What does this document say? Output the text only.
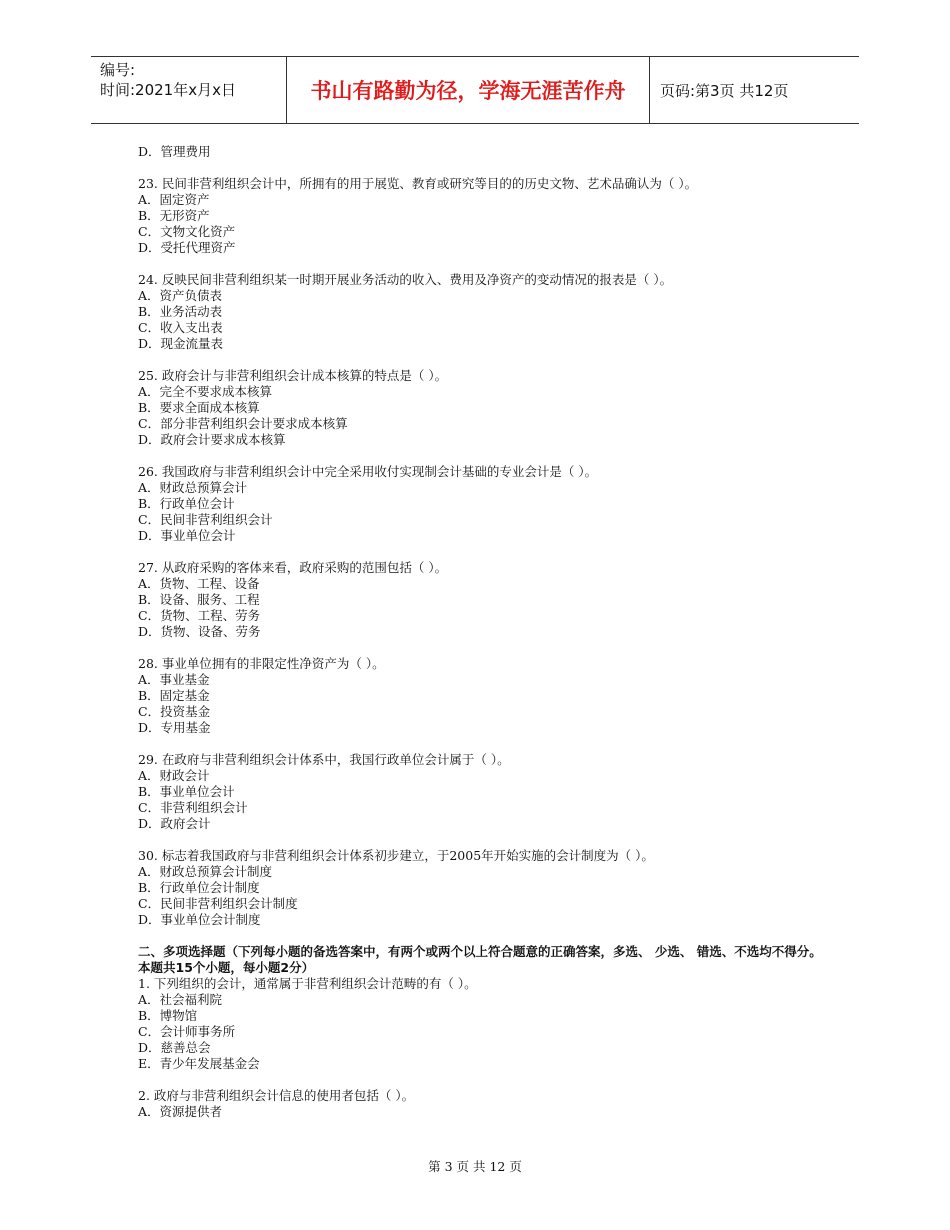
编号:
时间:2021年x月x日	书山有路勤为径，学海无涯苦作舟	页码:第3页 共12页
D．管理费用
23. 民间非营利组织会计中，所拥有的用于展览、教育或研究等目的的历史文物、艺术品确认为（ ）。
A．固定资产
B．无形资产
C．文物文化资产
D．受托代理资产
24. 反映民间非营利组织某一时期开展业务活动的收入、费用及净资产的变动情况的报表是（ ）。
A．资产负债表
B．业务活动表
C．收入支出表
D．现金流量表
25. 政府会计与非营利组织会计成本核算的特点是（ ）。
A．完全不要求成本核算
B．要求全面成本核算
C．部分非营利组织会计要求成本核算
D．政府会计要求成本核算
26. 我国政府与非营利组织会计中完全采用收付实现制会计基础的专业会计是（ ）。
A．财政总预算会计
B．行政单位会计
C．民间非营利组织会计
D．事业单位会计
27. 从政府采购的客体来看，政府采购的范围包括（ ）。
A．货物、工程、设备
B．设备、服务、工程
C．货物、工程、劳务
D．货物、设备、劳务
28. 事业单位拥有的非限定性净资产为（ ）。
A．事业基金
B．固定基金
C．投资基金
D．专用基金
29. 在政府与非营利组织会计体系中，我国行政单位会计属于（ ）。
A．财政会计
B．事业单位会计
C．非营利组织会计
D．政府会计
30. 标志着我国政府与非营利组织会计体系初步建立，于2005年开始实施的会计制度为（ ）。
A．财政总预算会计制度
B．行政单位会计制度
C．民间非营利组织会计制度
D．事业单位会计制度
二、多项选择题（下列每小题的备选答案中，有两个或两个以上符合题意的正确答案，多选、 少选、 错选、不选均不得分。本题共15个小题，每小题2分）
1. 下列组织的会计，通常属于非营利组织会计范畴的有（ ）。
A．社会福利院
B．博物馆
C．会计师事务所
D．慈善总会
E．青少年发展基金会
2. 政府与非营利组织会计信息的使用者包括（ ）。
A．资源提供者
第 3 页 共 12 页
